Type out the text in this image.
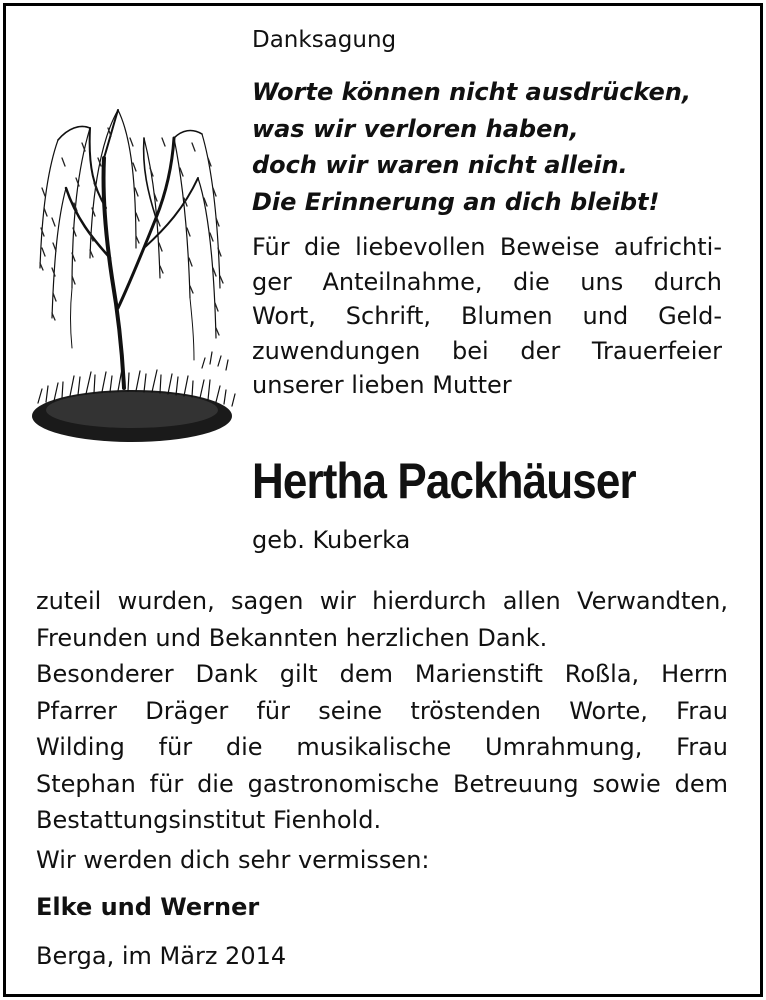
Danksagung
Worte können nicht ausdrücken,
was wir verloren haben,
doch wir waren nicht allein.
Die Erinnerung an dich bleibt!
Für die liebevollen Beweise aufrichti-
ger Anteilnahme, die uns durch
Wort, Schrift, Blumen und Geld-
zuwendungen bei der Trauerfeier
unserer lieben Mutter
Hertha Packhäuser
geb. Kuberka
zuteil wurden, sagen wir hierdurch allen Verwandten,
Freunden und Bekannten herzlichen Dank.
Besonderer Dank gilt dem Marienstift Roßla, Herrn
Pfarrer Dräger für seine tröstenden Worte, Frau
Wilding für die musikalische Umrahmung, Frau
Stephan für die gastronomische Betreuung sowie dem
Bestattungsinstitut Fienhold.
Wir werden dich sehr vermissen:
Elke und Werner
Berga, im März 2014
